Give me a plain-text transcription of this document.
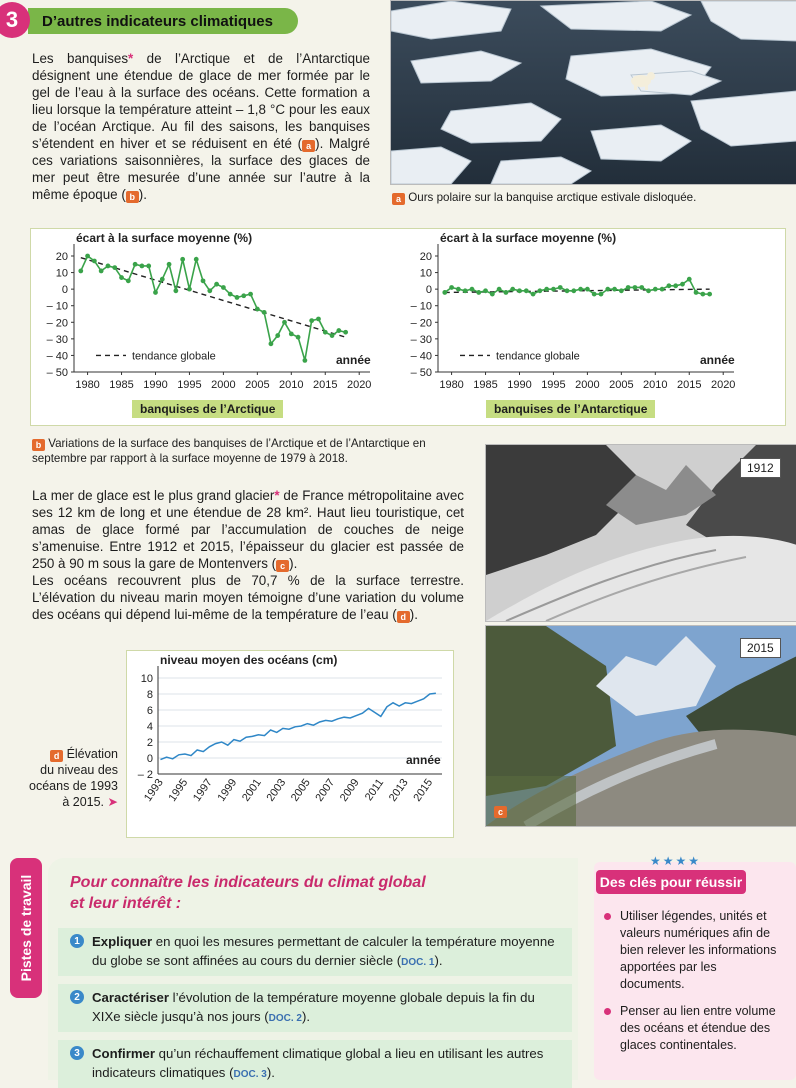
D’autres indicateurs climatiques
3
Les banquises* de l’Arctique et de l’Antarctique désignent une étendue de glace de mer formée par le gel de l’eau à la surface des océans. Cette formation a lieu lorsque la température atteint – 1,8 °C pour les eaux de l’océan Arctique. Au fil des saisons, les banquises s’étendent en hiver et se réduisent en été ( a ). Malgré ces variations saisonnières, la surface des glaces de mer peut être mesurée d’une année sur l’autre à la même époque ( b ).	a Ours polaire sur la banquise arctique estivale disloquée.
20
10
0
– 10
– 20
– 30
– 40
– 50
1980 1985 1990 1995 2000 2005 2010 2015 2020
écart à la surface moyenne (%)
année
tendance globale
20
10
0
– 10
– 20
– 30
– 40
– 50
1980 1985 1990 1995 2000 2005 2010 2015 2020
écart à la surface moyenne (%)
année
tendance globale
banquises de l’Arctique	banquises de l’Antarctique
b Variations de la surface des banquises de l’Arctique et de l’Antarctique en septembre par rapport à la surface moyenne de 1979 à 2018.
La mer de glace est le plus grand glacier* de France métropolitaine avec ses 12 km de long et une étendue de 28 km². Haut lieu touristique, cet amas de glace formé par l’accumulation de couches de neige s’amenuise. Entre 1912 et 2015, l’épaisseur du glacier est passée de 250 à 90 m sous la gare de Montenvers ( c ).
Les océans recouvrent plus de 70,7 % de la surface terrestre. L’élévation du niveau marin moyen témoigne d’une variation du volume des océans qui dépend lui-même de la température de l’eau ( d ).
1912
2015
c
10
8
6
4
2
0
– 2
1993 1995 1997 1999 2001 2003 2005 2007 2009 2011 2013 2015
niveau moyen des océans (cm)
année
d Élévation
du niveau des
océans de 1993
à 2015. ➤
Pistes de travail Pour connaître les indicateurs du climat global
et leur intérêt :
1 Expliquer en quoi les mesures permettant de calculer la température moyenne du globe se sont affinées au cours du dernier siècle (DOC. 1).
2 Caractériser l’évolution de la température moyenne globale depuis la fin du XIXe siècle jusqu’à nos jours (DOC. 2).
3 Confirmer qu’un réchauffement climatique global a lieu en utilisant les autres indicateurs climatiques (DOC. 3).
★★★★
Des clés pour réussir
Utiliser légendes, unités et valeurs numériques afin de bien relever les informations apportées par les documents.
Penser au lien entre volume des océans et étendue des glaces continentales.
